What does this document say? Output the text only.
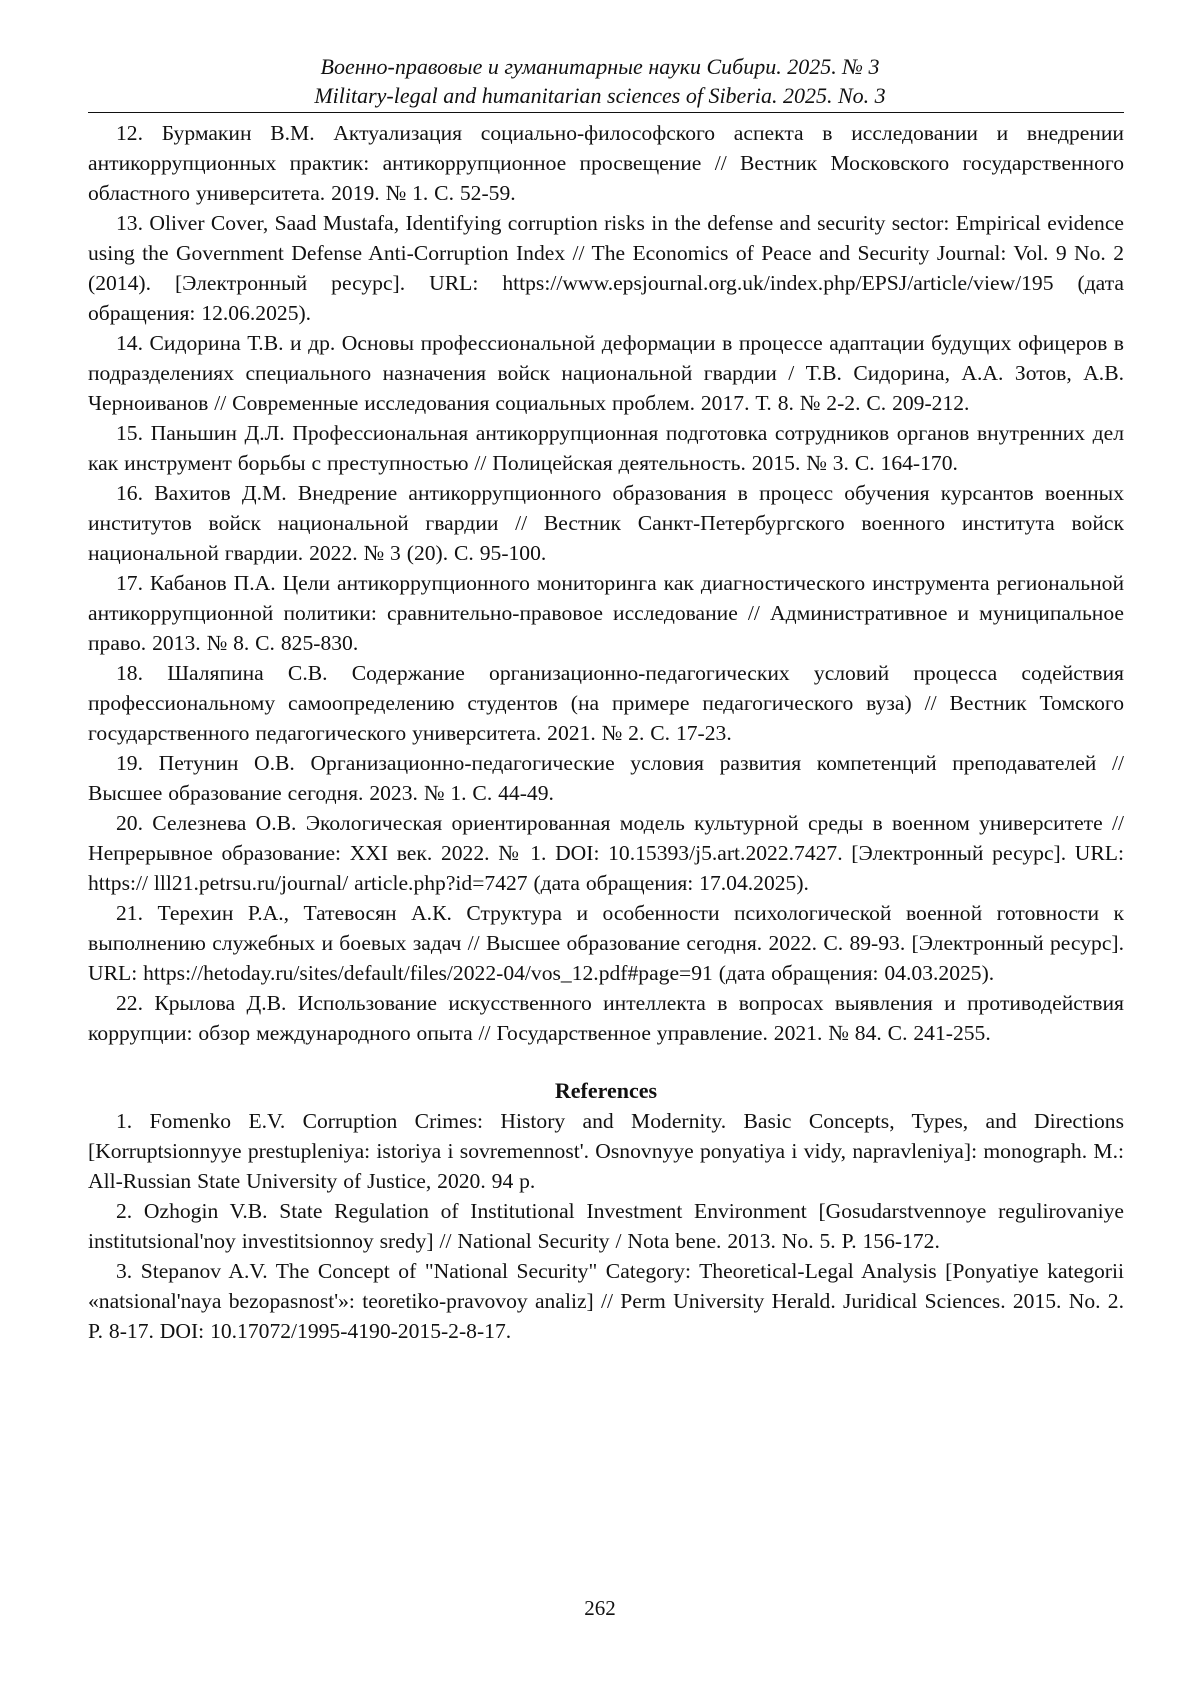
Военно-правовые и гуманитарные науки Сибири. 2025. № 3
Military-legal and humanitarian sciences of Siberia. 2025. No. 3

12. Бурмакин В.М. Актуализация социально-философского аспекта в исследовании и внедрении антикоррупционных практик: антикоррупционное просвещение // Вестник Московского государственного областного университета. 2019. № 1. С. 52-59.

13. Oliver Cover, Saad Mustafa, Identifying corruption risks in the defense and security sector: Empirical evidence using the Government Defense Anti-Corruption Index // The Economics of Peace and Security Journal: Vol. 9 No. 2 (2014). [Электронный ресурс]. URL: https://www.epsjournal.org.uk/index.php/EPSJ/article/view/195 (дата обращения: 12.06.2025).

14. Сидорина Т.В. и др. Основы профессиональной деформации в процессе адаптации будущих офицеров в подразделениях специального назначения войск национальной гвардии / Т.В. Сидорина, А.А. Зотов, А.В. Черноиванов // Современные исследования социальных проблем. 2017. Т. 8. № 2-2. С. 209-212.

15. Паньшин Д.Л. Профессиональная антикоррупционная подготовка сотрудников органов внутренних дел как инструмент борьбы с преступностью // Полицейская деятельность. 2015. № 3. С. 164-170.

16. Вахитов Д.М. Внедрение антикоррупционного образования в процесс обучения курсантов военных институтов войск национальной гвардии // Вестник Санкт-Петербургского военного института войск национальной гвардии. 2022. № 3 (20). С. 95-100.

17. Кабанов П.А. Цели антикоррупционного мониторинга как диагностического инструмента региональной антикоррупционной политики: сравнительно-правовое исследование // Административное и муниципальное право. 2013. № 8. С. 825-830.

18. Шаляпина С.В. Содержание организационно-педагогических условий процесса содействия профессиональному самоопределению студентов (на примере педагогического вуза) // Вестник Томского государственного педагогического университета. 2021. № 2. С. 17-23.

19. Петунин О.В. Организационно-педагогические условия развития компетенций преподавателей // Высшее образование сегодня. 2023. № 1. С. 44-49.

20. Селезнева О.В. Экологическая ориентированная модель культурной среды в военном университете // Непрерывное образование: XXI век. 2022. № 1. DOI: 10.15393/j5.art.2022.7427. [Электронный ресурс]. URL: https:// lll21.petrsu.ru/journal/ article.php?id=7427 (дата обращения: 17.04.2025).

21. Терехин Р.А., Татевосян А.К. Структура и особенности психологической военной готовности к выполнению служебных и боевых задач // Высшее образование сегодня. 2022. С. 89-93. [Электронный ресурс]. URL: https://hetoday.ru/sites/default/files/2022-04/vos_12.pdf#page=91 (дата обращения: 04.03.2025).

22. Крылова Д.В. Использование искусственного интеллекта в вопросах выявления и противодействия коррупции: обзор международного опыта // Государственное управление. 2021. № 84. С. 241-255.

References

1. Fomenko E.V. Corruption Crimes: History and Modernity. Basic Concepts, Types, and Directions [Korruptsionnyye prestupleniya: istoriya i sovremennost'. Osnovnyye ponyatiya i vidy, napravleniya]: monograph. M.: All-Russian State University of Justice, 2020. 94 p.

2. Ozhogin V.B. State Regulation of Institutional Investment Environment [Gosudarstvennoye regulirovaniye institutsional'noy investitsionnoy sredy] // National Security / Nota bene. 2013. No. 5. P. 156-172.

3. Stepanov A.V. The Concept of "National Security" Category: Theoretical-Legal Analysis [Ponyatiye kategorii «natsional'naya bezopasnost'»: teoretiko-pravovoy analiz] // Perm University Herald. Juridical Sciences. 2015. No. 2. P. 8-17. DOI: 10.17072/1995-4190-2015-2-8-17.

262
